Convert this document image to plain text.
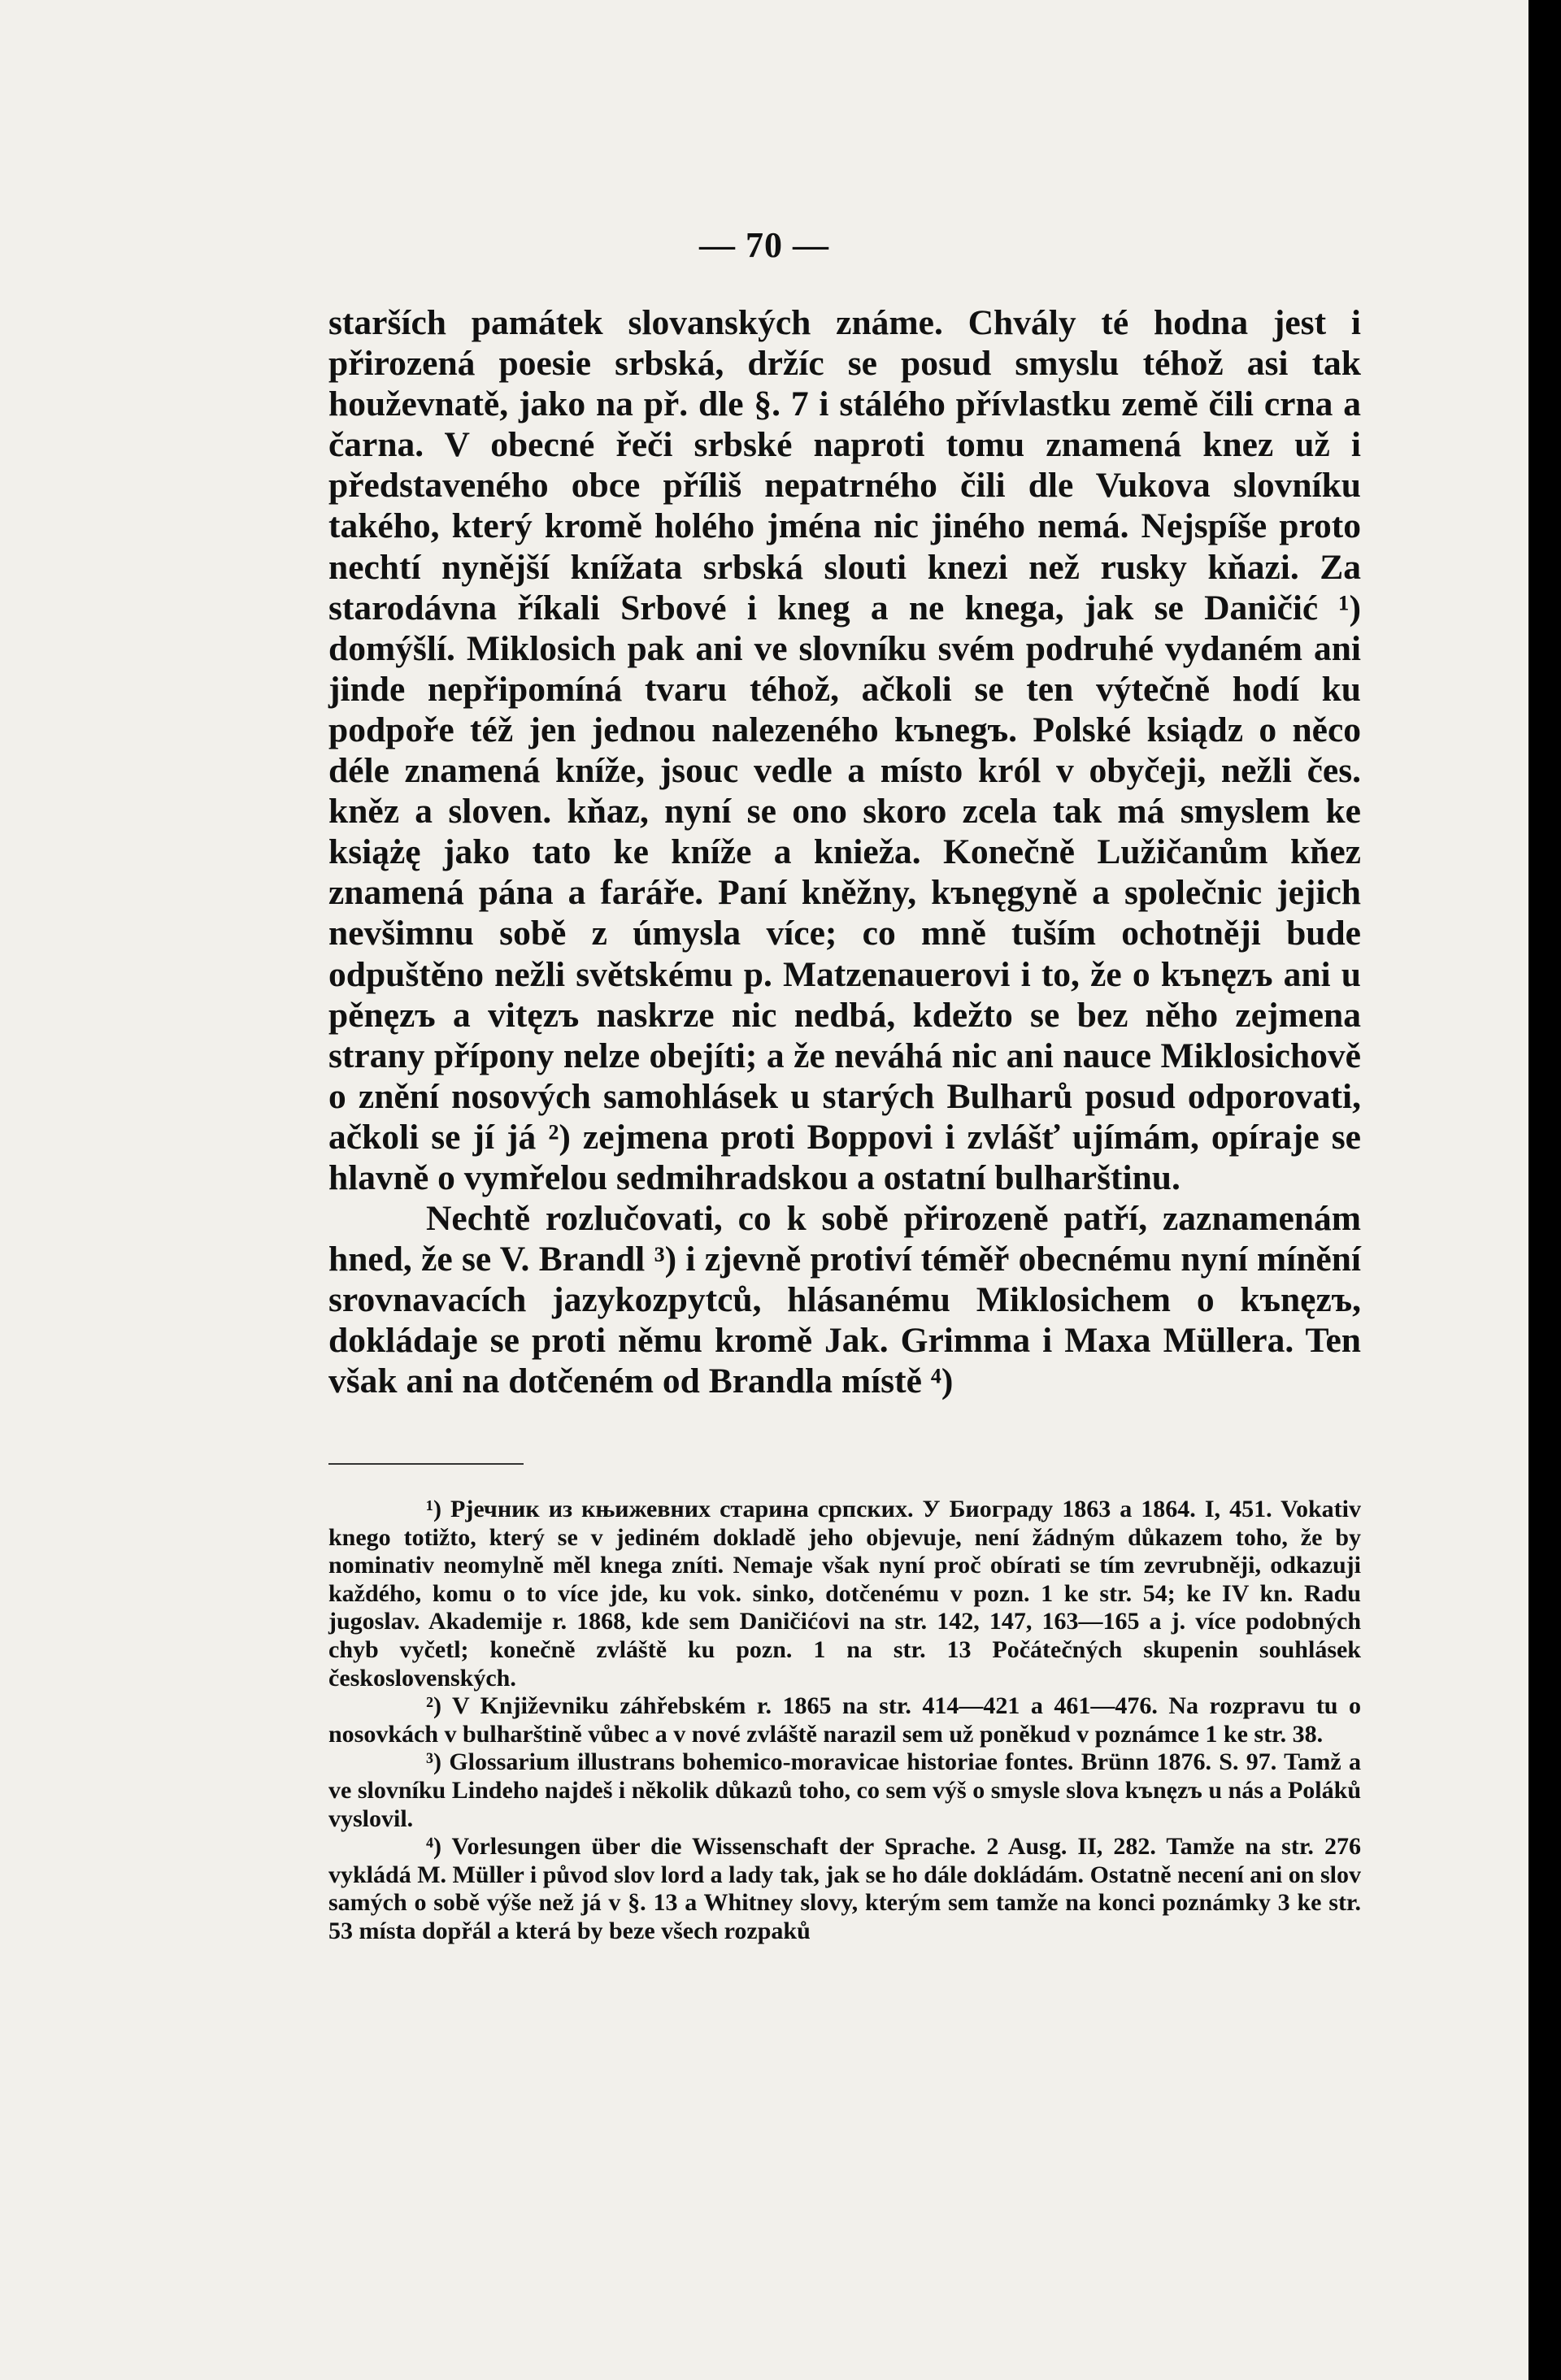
— 70 —

starších památek slovanských známe. Chvály té hodna jest i přirozená poesie srbská, držíc se posud smyslu téhož asi tak houževnatě, jako na př. dle §. 7 i stálého přívlastku země čili crna a čarna. V obecné řeči srbské naproti tomu znamená knez už i představeného obce příliš nepatrného čili dle Vukova slovníku takého, který kromě holého jména nic jiného nemá. Nejspíše proto nechtí nynější knížata srbská slouti knezi než rusky kňazi. Za starodávna říkali Srbové i kneg a ne knega, jak se Daničić ¹) domýšlí. Miklosich pak ani ve slovníku svém podruhé vydaném ani jinde nepřipomíná tvaru téhož, ačkoli se ten výtečně hodí ku podpoře též jen jednou nalezeného kъnegъ. Polské ksiądz o něco déle znamená kníže, jsouc vedle a místo król v obyčeji, nežli čes. kněz a sloven. kňaz, nyní se ono skoro zcela tak má smyslem ke książę jako tato ke kníže a knieža. Konečně Lužičanům kňez znamená pána a faráře. Paní kněžny, kъnęgyně a společnic jejich nevšimnu sobě z úmysla více; co mně tuším ochotněji bude odpuštěno nežli světskému p. Matzenauerovi i to, že o kъnęzъ ani u pěnęzъ a vitęzъ naskrze nic nedbá, kdežto se bez něho zejmena strany přípony nelze obejíti; a že neváhá nic ani nauce Miklosichově o znění nosových samohlásek u starých Bulharů posud odporovati, ačkoli se jí já ²) zejmena proti Boppovi i zvlášť ujímám, opíraje se hlavně o vymřelou sedmihradskou a ostatní bulharštinu.

Nechtě rozlučovati, co k sobě přirozeně patří, zaznamenám hned, že se V. Brandl ³) i zjevně protiví téměř obecnému nyní mínění srovnavacích jazykozpytců, hlásanému Miklosichem o kъnęzъ, dokládaje se proti němu kromě Jak. Grimma i Maxa Müllera. Ten však ani na dotčeném od Brandla místě ⁴)

¹) Рјечник из књижевних старина српских. У Биограду 1863 а 1864. I, 451. Vokativ knego totižto, který se v jediném dokladě jeho objevuje, není žádným důkazem toho, že by nominativ neomylně měl knega zníti. Nemaje však nyní proč obírati se tím zevrubněji, odkazuji každého, komu o to více jde, ku vok. sinko, dotčenému v pozn. 1 ke str. 54; ke IV kn. Radu jugoslav. Akademije r. 1868, kde sem Daničićovi na str. 142, 147, 163—165 a j. více podobných chyb vyčetl; konečně zvláště ku pozn. 1 na str. 13 Počátečných skupenin souhlásek československých.

²) V Književniku záhřebském r. 1865 na str. 414—421 a 461—476. Na rozpravu tu o nosovkách v bulharštině vůbec a v nové zvláště narazil sem už poněkud v poznámce 1 ke str. 38.

³) Glossarium illustrans bohemico-moravicae historiae fontes. Brünn 1876. S. 97. Tamž a ve slovníku Lindeho najdeš i několik důkazů toho, co sem výš o smysle slova kъnęzъ u nás a Poláků vyslovil.

⁴) Vorlesungen über die Wissenschaft der Sprache. 2 Ausg. II, 282. Tamže na str. 276 vykládá M. Müller i původ slov lord a lady tak, jak se ho dále dokládám. Ostatně necení ani on slov samých o sobě výše než já v §. 13 a Whitney slovy, kterým sem tamže na konci poznámky 3 ke str. 53 místa dopřál a která by beze všech rozpaků
